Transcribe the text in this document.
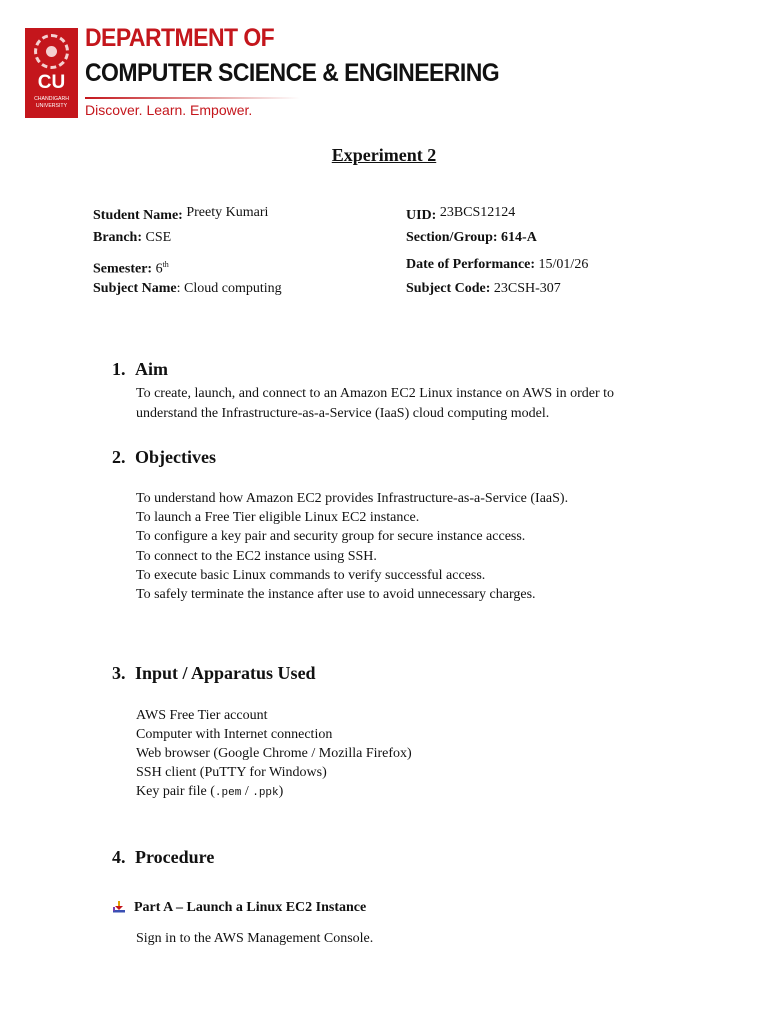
CU
CHANDIGARH UNIVERSITY
DEPARTMENT OF
COMPUTER SCIENCE & ENGINEERING
Discover. Learn. Empower.
Experiment 2
Student Name: Preety Kumari	UID: 23BCS12124
Branch: CSE	Section/Group: 614-A
Semester: 6th	Date of Performance: 15/01/26
Subject Name: Cloud computing	Subject Code: 23CSH-307
1. Aim
To create, launch, and connect to an Amazon EC2 Linux instance on AWS in order to
understand the Infrastructure-as-a-Service (IaaS) cloud computing model.
2. Objectives
To understand how Amazon EC2 provides Infrastructure-as-a-Service (IaaS).
To launch a Free Tier eligible Linux EC2 instance.
To configure a key pair and security group for secure instance access.
To connect to the EC2 instance using SSH.
To execute basic Linux commands to verify successful access.
To safely terminate the instance after use to avoid unnecessary charges.
3. Input / Apparatus Used
AWS Free Tier account
Computer with Internet connection
Web browser (Google Chrome / Mozilla Firefox)
SSH client (PuTTY for Windows)
Key pair file (.pem / .ppk)
4. Procedure
Part A – Launch a Linux EC2 Instance
Sign in to the AWS Management Console.
